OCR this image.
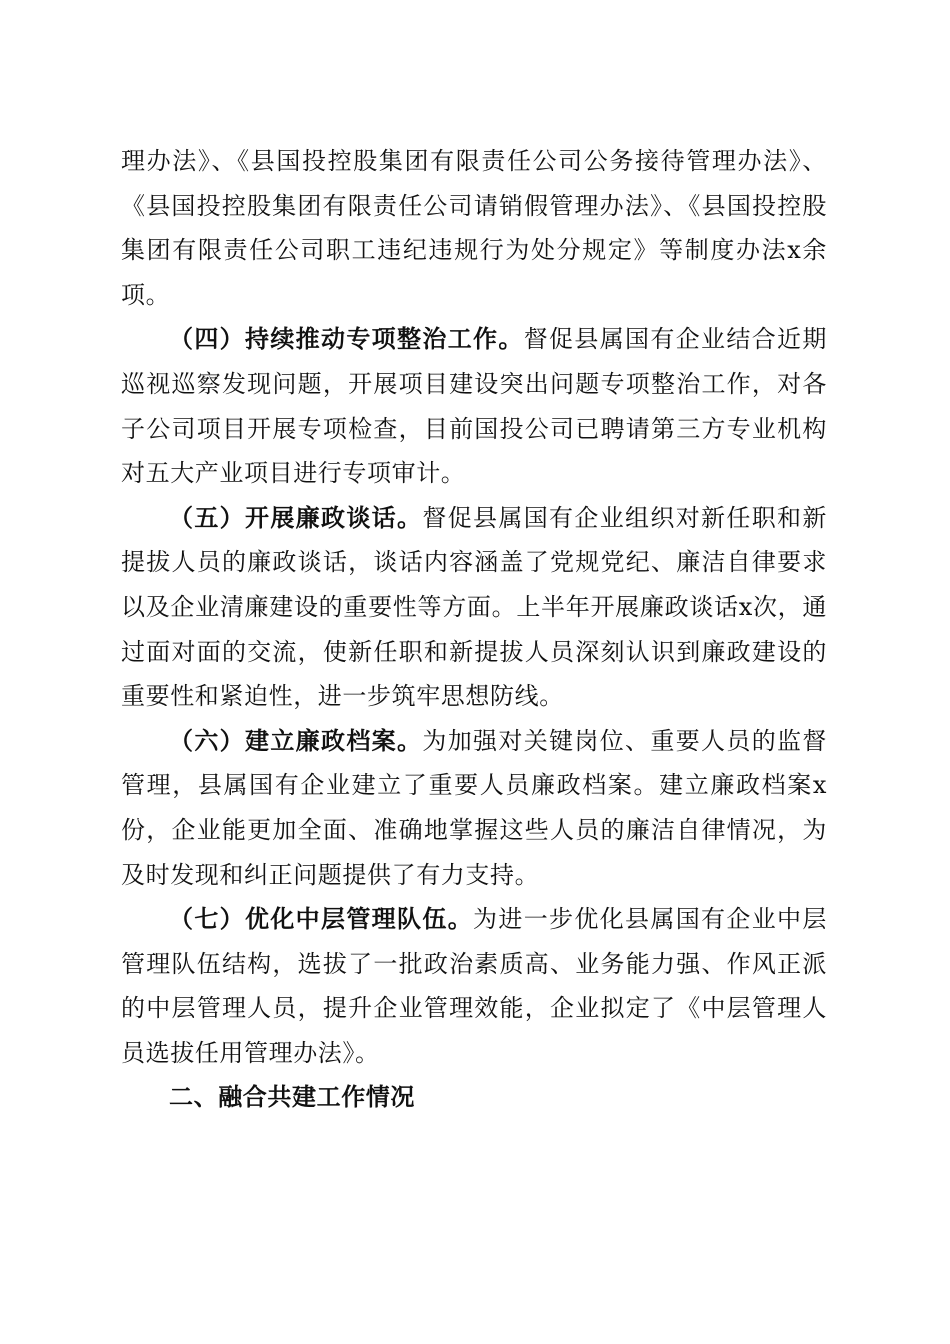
理办法》、《县国投控股集团有限责任公司公务接待管理办法》、《县国投控股集团有限责任公司请销假管理办法》、《县国投控股集团有限责任公司职工违纪违规行为处分规定》等制度办法x余项。

（四）持续推动专项整治工作。督促县属国有企业结合近期巡视巡察发现问题，开展项目建设突出问题专项整治工作，对各子公司项目开展专项检查，目前国投公司已聘请第三方专业机构对五大产业项目进行专项审计。

（五）开展廉政谈话。督促县属国有企业组织对新任职和新提拔人员的廉政谈话，谈话内容涵盖了党规党纪、廉洁自律要求以及企业清廉建设的重要性等方面。上半年开展廉政谈话x次，通过面对面的交流，使新任职和新提拔人员深刻认识到廉政建设的重要性和紧迫性，进一步筑牢思想防线。

（六）建立廉政档案。为加强对关键岗位、重要人员的监督管理，县属国有企业建立了重要人员廉政档案。建立廉政档案x份，企业能更加全面、准确地掌握这些人员的廉洁自律情况，为及时发现和纠正问题提供了有力支持。

（七）优化中层管理队伍。为进一步优化县属国有企业中层管理队伍结构，选拔了一批政治素质高、业务能力强、作风正派的中层管理人员，提升企业管理效能，企业拟定了《中层管理人员选拔任用管理办法》。

二、融合共建工作情况
